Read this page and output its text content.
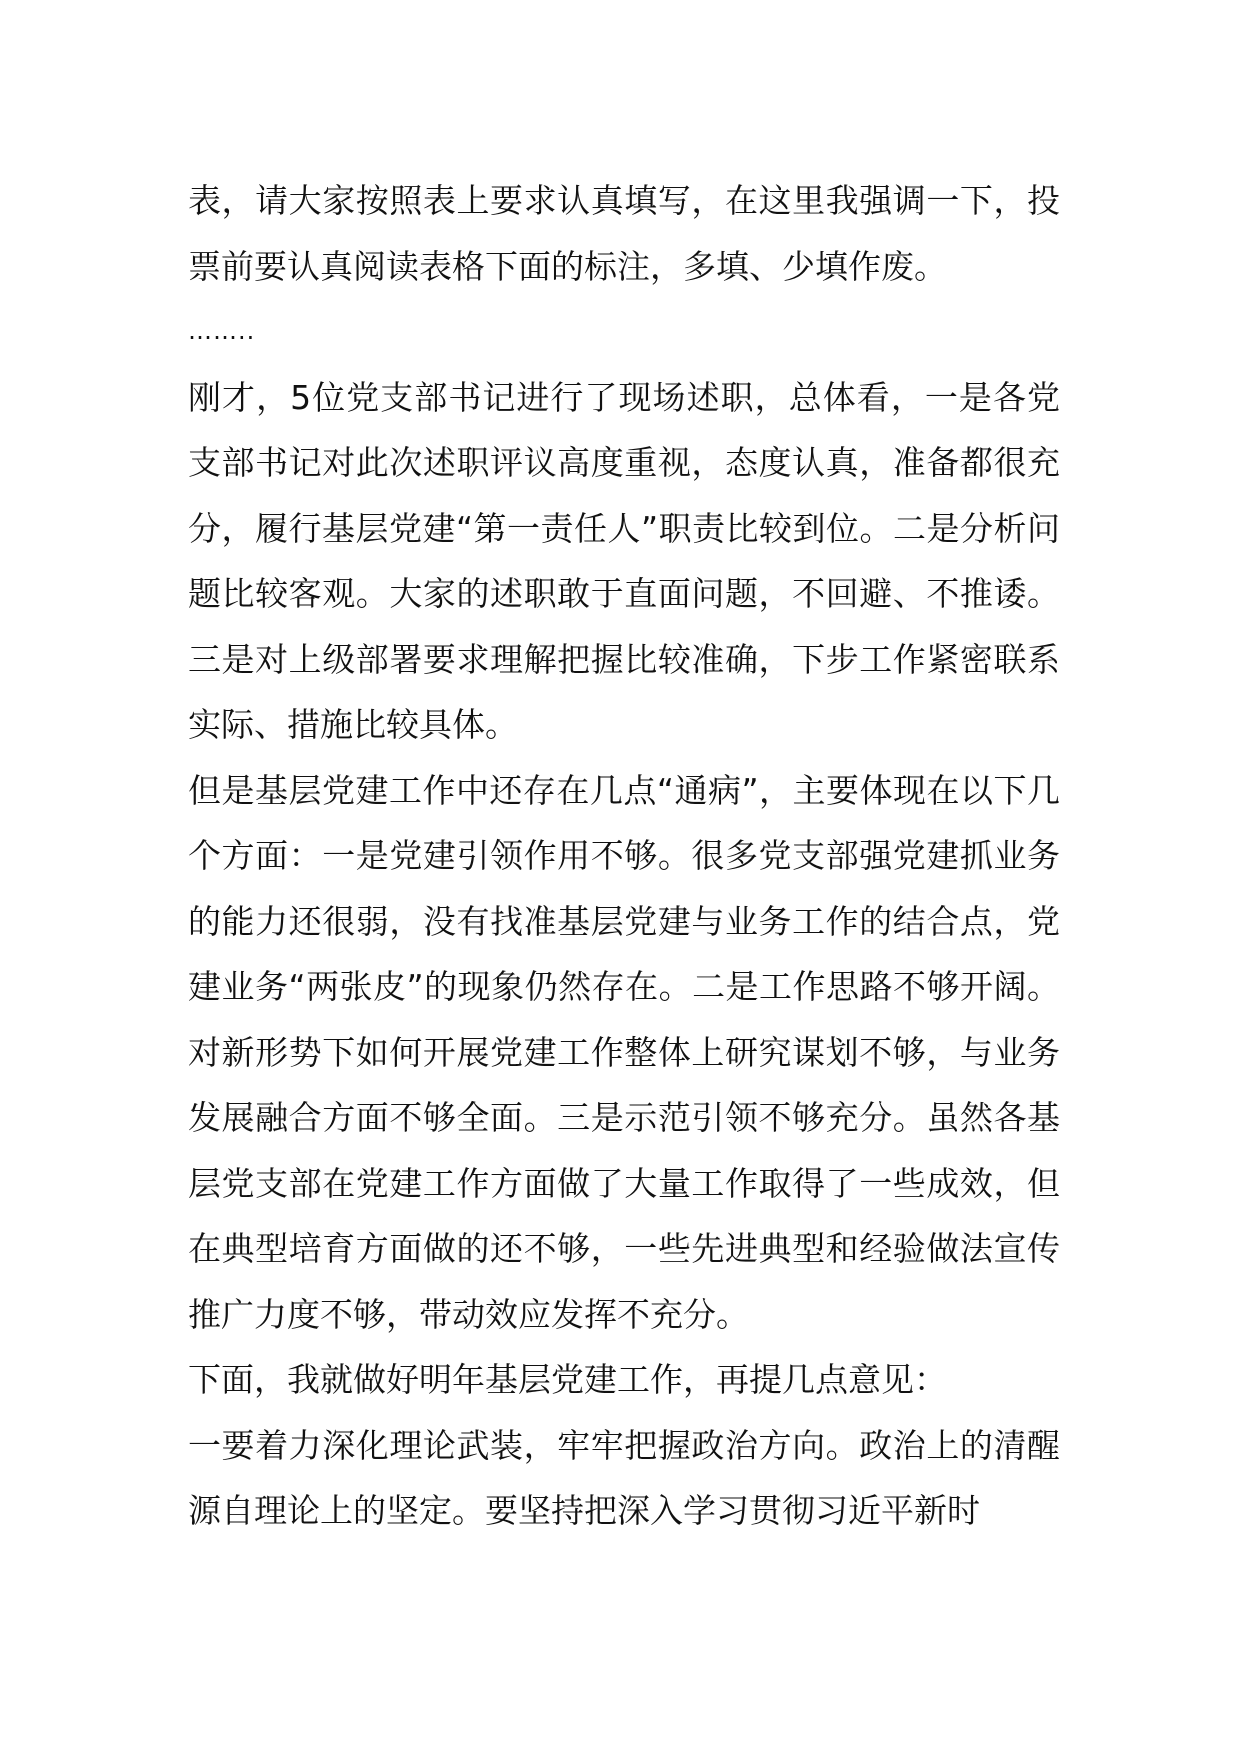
表，请大家按照表上要求认真填写，在这里我强调一下，投票前要认真阅读表格下面的标注，多填、少填作废。

……..

刚才，5位党支部书记进行了现场述职，总体看，一是各党支部书记对此次述职评议高度重视，态度认真，准备都很充分，履行基层党建“第一责任人”职责比较到位。二是分析问题比较客观。大家的述职敢于直面问题，不回避、不推诿。三是对上级部署要求理解把握比较准确，下步工作紧密联系实际、措施比较具体。

但是基层党建工作中还存在几点“通病”，主要体现在以下几个方面：一是党建引领作用不够。很多党支部强党建抓业务的能力还很弱，没有找准基层党建与业务工作的结合点，党建业务“两张皮”的现象仍然存在。二是工作思路不够开阔。对新形势下如何开展党建工作整体上研究谋划不够，与业务发展融合方面不够全面。三是示范引领不够充分。虽然各基层党支部在党建工作方面做了大量工作取得了一些成效，但在典型培育方面做的还不够，一些先进典型和经验做法宣传推广力度不够，带动效应发挥不充分。

下面，我就做好明年基层党建工作，再提几点意见：

一要着力深化理论武装，牢牢把握政治方向。政治上的清醒源自理论上的坚定。要坚持把深入学习贯彻习近平新时
